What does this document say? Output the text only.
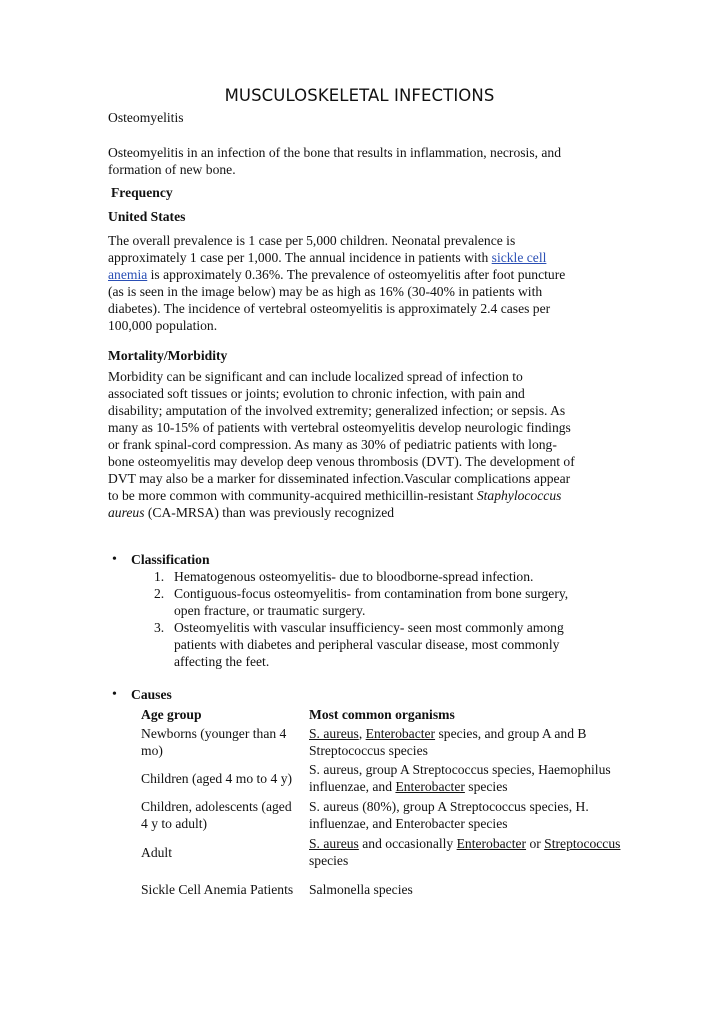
MUSCULOSKELETAL INFECTIONS
Osteomyelitis
Osteomyelitis in an infection of the bone that results in inflammation, necrosis, and
formation of new bone.
Frequency
United States
The overall prevalence is 1 case per 5,000 children. Neonatal prevalence is
approximately 1 case per 1,000. The annual incidence in patients with sickle cell
anemia is approximately 0.36%. The prevalence of osteomyelitis after foot puncture
(as is seen in the image below) may be as high as 16% (30-40% in patients with
diabetes). The incidence of vertebral osteomyelitis is approximately 2.4 cases per
100,000 population.
Mortality/Morbidity
Morbidity can be significant and can include localized spread of infection to
associated soft tissues or joints; evolution to chronic infection, with pain and
disability; amputation of the involved extremity; generalized infection; or sepsis. As
many as 10-15% of patients with vertebral osteomyelitis develop neurologic findings
or frank spinal-cord compression. As many as 30% of pediatric patients with long-
bone osteomyelitis may develop deep venous thrombosis (DVT). The development of
DVT may also be a marker for disseminated infection.Vascular complications appear
to be more common with community-acquired methicillin-resistant Staphylococcus
aureus (CA-MRSA) than was previously recognized
• Classification
1. Hematogenous osteomyelitis- due to bloodborne-spread infection.
2. Contiguous-focus osteomyelitis- from contamination from bone surgery,
open fracture, or traumatic surgery.
3. Osteomyelitis with vascular insufficiency- seen most commonly among
patients with diabetes and peripheral vascular disease, most commonly
affecting the feet.
• Causes
Age group	Most common organisms
Newborns (younger than 4
mo)
S. aureus, Enterobacter species, and group A and B
Streptococcus species
Children (aged 4 mo to 4 y)
S. aureus, group A Streptococcus species, Haemophilus
influenzae, and Enterobacter species
Children, adolescents (aged
4 y to adult)
S. aureus (80%), group A Streptococcus species, H.
influenzae, and Enterobacter species
Adult
S. aureus and occasionally Enterobacter or Streptococcus
species
Sickle Cell Anemia Patients Salmonella species
